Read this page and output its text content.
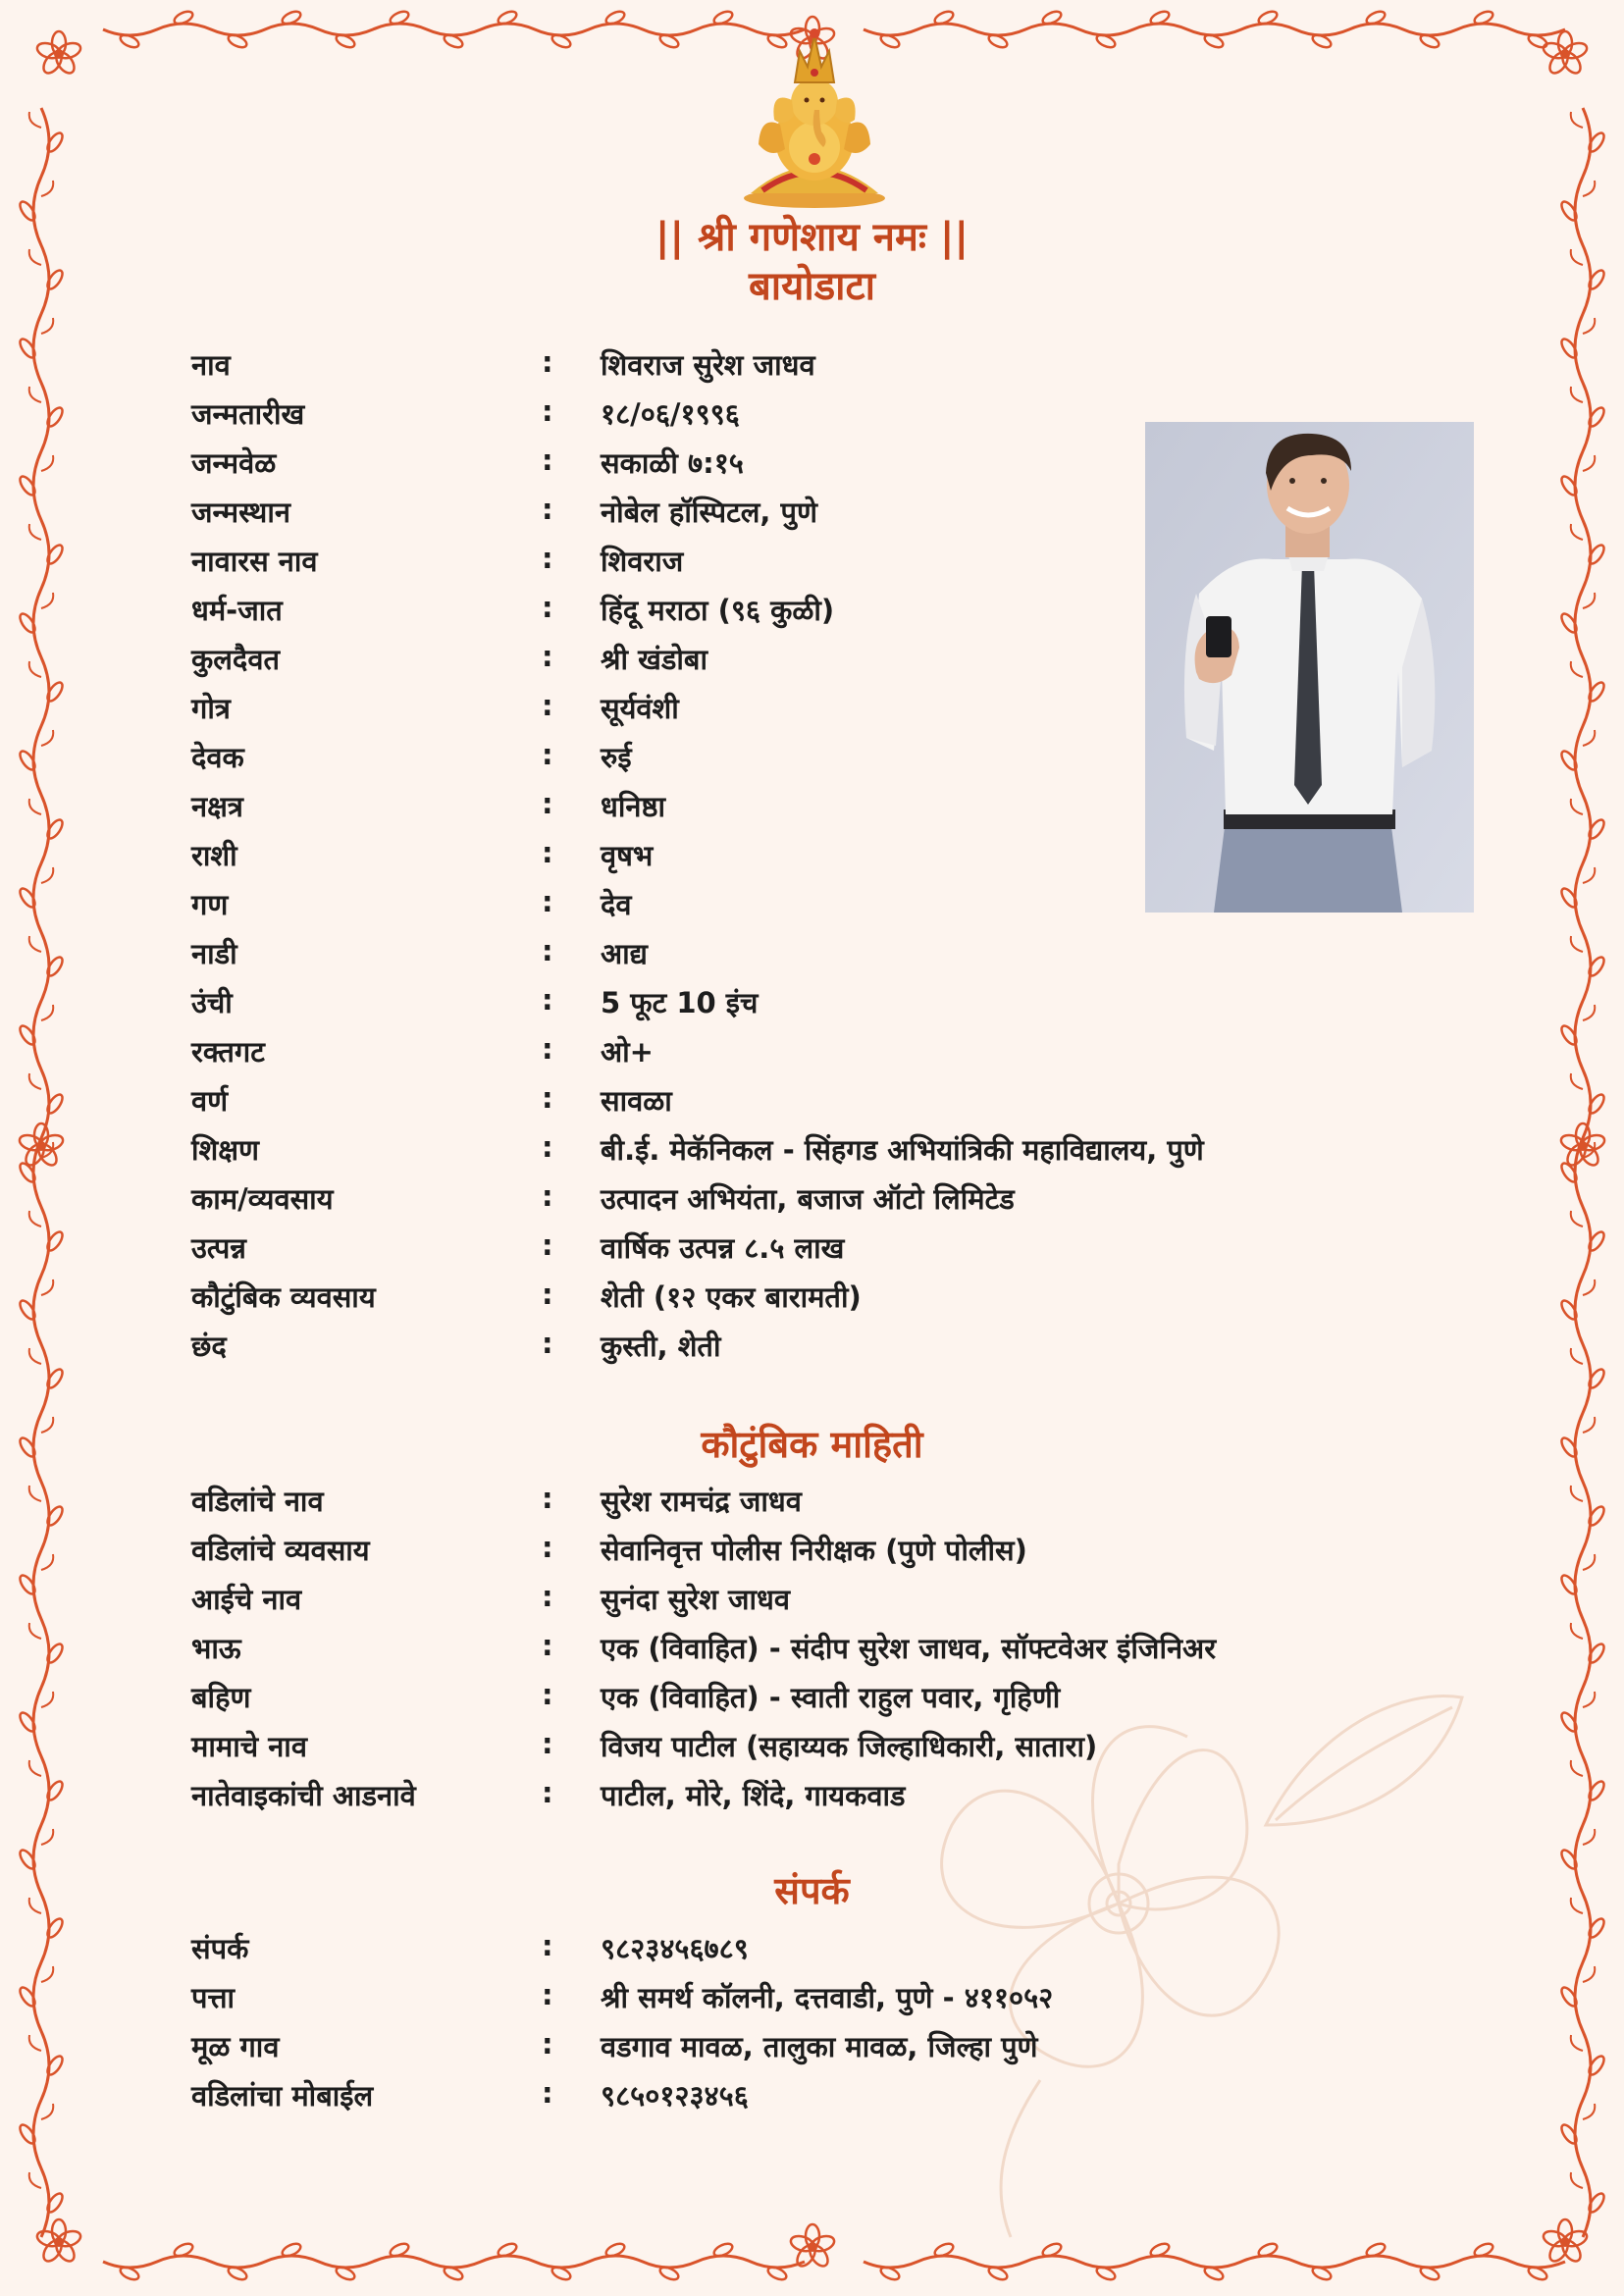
|| श्री गणेशाय नमः ||
बायोडाटा
कौटुंबिक माहिती
संपर्क
नाव	: शिवराज सुरेश जाधव
जन्मतारीख	: १८/०६/१९९६
जन्मवेळ	: सकाळी ७:१५
जन्मस्थान	: नोबेल हॉस्पिटल, पुणे
नावारस नाव	: शिवराज
धर्म-जात	: हिंदू मराठा (९६ कुळी)
कुलदैवत	: श्री खंडोबा
गोत्र	: सूर्यवंशी
देवक	: रुई
नक्षत्र	: धनिष्ठा
राशी	: वृषभ
गण	: देव
नाडी	: आद्य
उंची	: 5 फूट 10 इंच
रक्तगट	: ओ+
वर्ण	: सावळा
शिक्षण	: बी.ई. मेकॅनिकल - सिंहगड अभियांत्रिकी महाविद्यालय, पुणे
काम/व्यवसाय	: उत्पादन अभियंता, बजाज ऑटो लिमिटेड
उत्पन्न	: वार्षिक उत्पन्न ८.५ लाख
कौटुंबिक व्यवसाय	: शेती (१२ एकर बारामती)
छंद	: कुस्ती, शेती
वडिलांचे नाव	: सुरेश रामचंद्र जाधव
वडिलांचे व्यवसाय	: सेवानिवृत्त पोलीस निरीक्षक (पुणे पोलीस)
आईचे नाव	: सुनंदा सुरेश जाधव
भाऊ	: एक (विवाहित) - संदीप सुरेश जाधव, सॉफ्टवेअर इंजिनिअर
बहिण	: एक (विवाहित) - स्वाती राहुल पवार, गृहिणी
मामाचे नाव	: विजय पाटील (सहाय्यक जिल्हाधिकारी, सातारा)
नातेवाइकांची आडनावे	: पाटील, मोरे, शिंदे, गायकवाड
संपर्क	: ९८२३४५६७८९
पत्ता	: श्री समर्थ कॉलनी, दत्तवाडी, पुणे - ४११०५२
मूळ गाव	: वडगाव मावळ, तालुका मावळ, जिल्हा पुणे
वडिलांचा मोबाईल	: ९८५०१२३४५६
